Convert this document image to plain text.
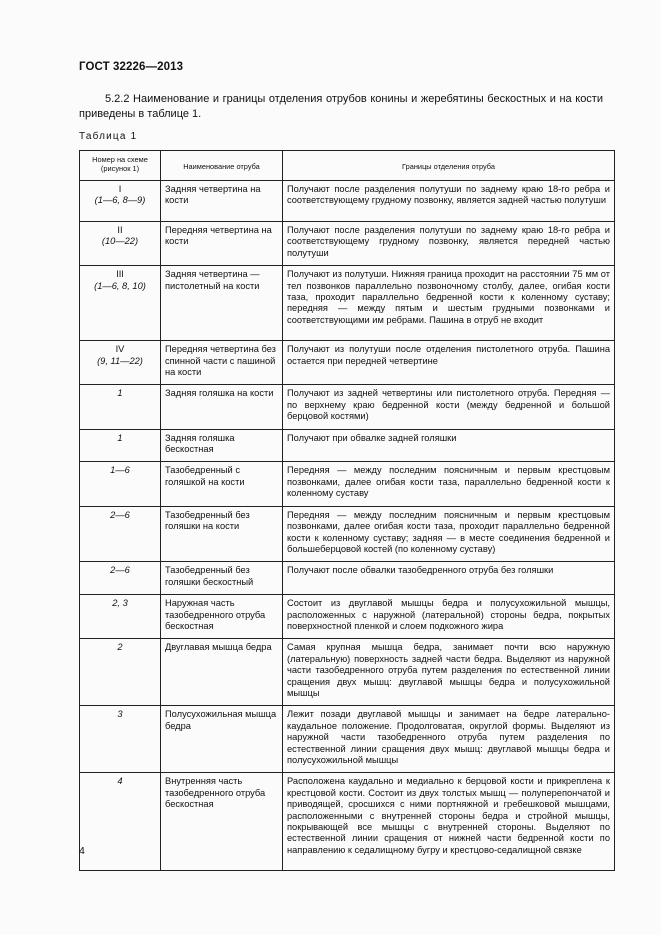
ГОСТ 32226—2013
5.2.2 Наименование и границы отделения отрубов конины и жеребятины бескостных и на кости приведены в таблице 1.
Таблица 1
Номер на схеме (рисунок 1)	Наименование отруба	Границы отделения отруба
I
(1—6, 8—9)	Задняя четвертина на кости	Получают после разделения полутуши по заднему краю 18-го ребра и соответствующему грудному позвонку, является задней частью полутуши
II
(10—22)	Передняя четвертина на кости	Получают после разделения полутуши по заднему краю 18-го ребра и соответствующему грудному позвонку, является передней частью полутуши
III
(1—6, 8, 10)	Задняя четвертина — пистолетный на кости	Получают из полутуши. Нижняя граница проходит на расстоянии 75 мм от тел позвонков параллельно позвоночному столбу, далее, огибая кости таза, проходит параллельно бедренной кости к коленному суставу; передняя — между пятым и шестым грудными позвонками и соответствующими им ребрами. Пашина в отруб не входит
IV
(9, 11—22)	Передняя четвертина без спинной части с пашиной на кости	Получают из полутуши после отделения пистолетного отруба. Пашина остается при передней четвертине

1	Задняя голяшка на кости	Получают из задней четвертины или пистолетного отруба. Передняя — по верхнему краю бедренной кости (между бедренной и большой берцовой костями)

1	Задняя голяшка бескостная	Получают при обвалке задней голяшки

1—6	Тазобедренный с голяшкой на кости	Передняя — между последним поясничным и первым крестцовым позвонками, далее огибая кости таза, параллельно бедренной кости к коленному суставу

2—6	Тазобедренный без голяшки на кости	Передняя — между последним поясничным и первым крестцовым позвонками, далее огибая кости таза, проходит параллельно бедренной кости к коленному суставу; задняя — в месте соединения бедренной и большеберцовой костей (по коленному суставу)

2—6	Тазобедренный без голяшки бескостный	Получают после обвалки тазобедренного отруба без голяшки

2, 3	Наружная часть тазобедренного отруба бескостная	Состоит из двуглавой мышцы бедра и полусухожильной мышцы, расположенных с наружной (латеральной) стороны бедра, покрытых поверхностной пленкой и слоем подкожного жира

2	Двуглавая мышца бедра	Самая крупная мышца бедра, занимает почти всю наружную (латеральную) поверхность задней части бедра. Выделяют из наружной части тазобедренного отруба путем разделения по естественной линии сращения двух мышц: двуглавой мышцы бедра и полусухожильной мышцы

3	Полусухожильная мышца бедра	Лежит позади двуглавой мышцы и занимает на бедре латерально-каудальное положение. Продолговатая, округлой формы. Выделяют из наружной части тазобедренного отруба путем разделения по естественной линии сращения двух мышц: двуглавой мышцы бедра и полусухожильной мышцы

4	Внутренняя часть тазобедренного отруба бескостная	Расположена каудально и медиально к берцовой кости и прикреплена к крестцовой кости. Состоит из двух толстых мышц — полуперепончатой и приводящей, сросшихся с ними портняжной и гребешковой мышцами, расположенными с внутренней стороны бедра и стройной мышцы, покрывающей все мышцы с внутренней стороны. Выделяют по естественной линии сращения от нижней части бедренной кости по направлению к седалищному бугру и крестцово-седалищной связке
4
